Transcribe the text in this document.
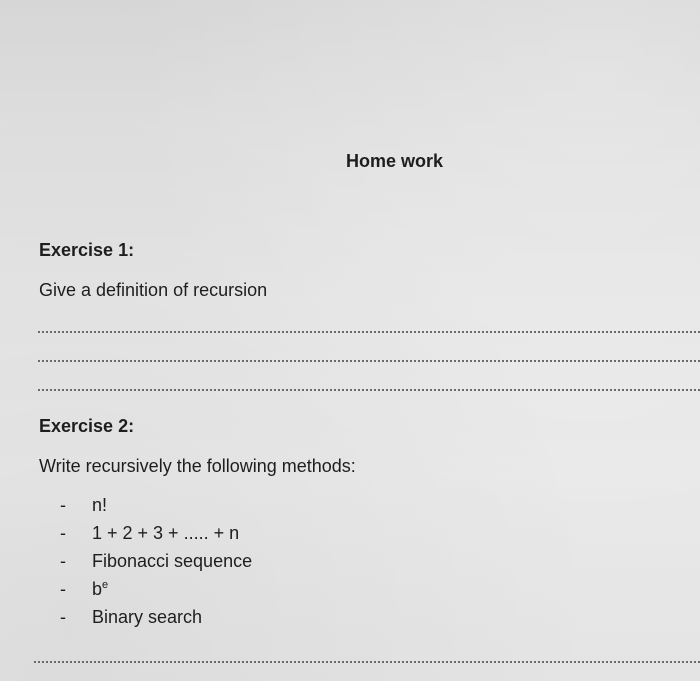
Home work
Exercise 1:
Give a definition of recursion
Exercise 2:
Write recursively the following methods:
- n!
- 1 + 2 + 3 + ..... + n
- Fibonacci sequence
- $b^e$
- Binary search
